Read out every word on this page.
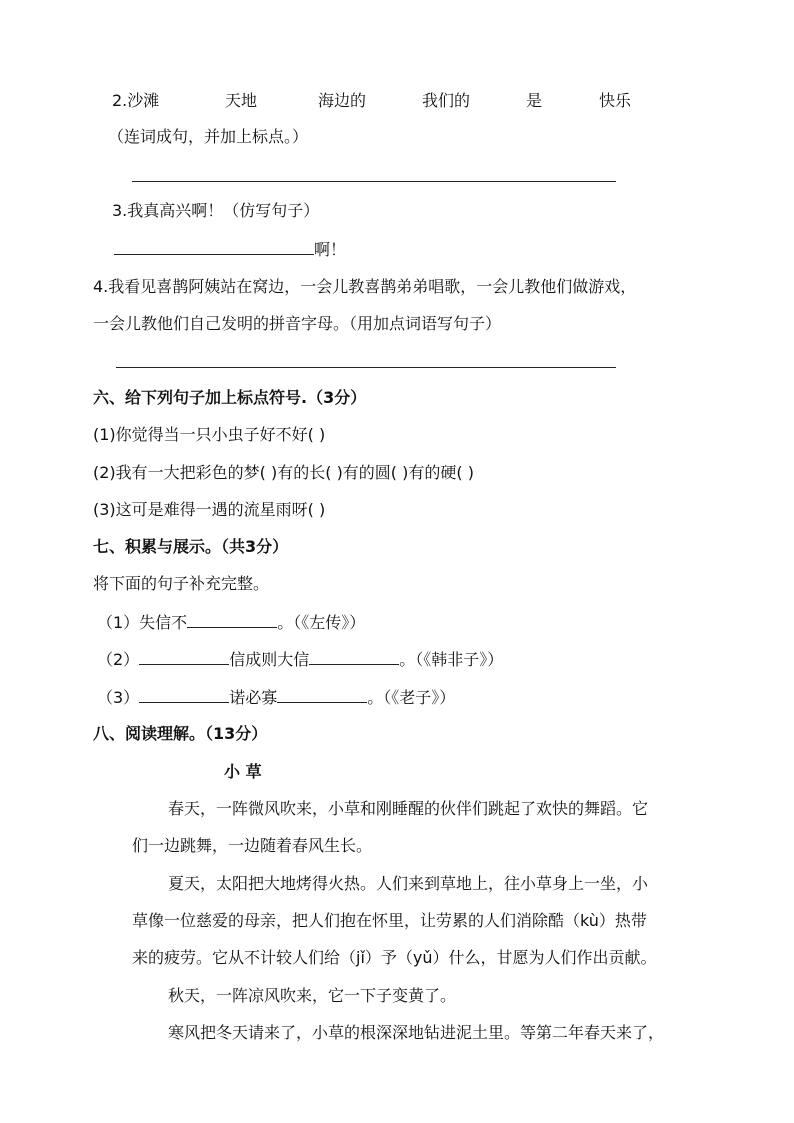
2.沙滩	天地	海边的	我们的	是	快乐
（连词成句，并加上标点。）
3.我真高兴啊！（仿写句子）
啊！
4.我看见喜鹊阿姨站在窝边，一会儿教喜鹊弟弟唱歌，一会儿教他们做游戏，
一会儿教他们自己发明的拼音字母。（用加点词语写句子）
六、给下列句子加上标点符号.（3分）
(1)你觉得当一只小虫子好不好( )
(2)我有一大把彩色的梦( )有的长( )有的圆( )有的硬( )
(3)这可是难得一遇的流星雨呀( )
七、积累与展示。（共3分）
将下面的句子补充完整。
（1）失信不	。（《左传》）
（2）	信成则大信	。（《韩非子》）
（3）	诺必寡	。（《老子》）
八、阅读理解。（13分）
小 草
春天，一阵微风吹来，小草和刚睡醒的伙伴们跳起了欢快的舞蹈。它
们一边跳舞，一边随着春风生长。
夏天，太阳把大地烤得火热。人们来到草地上，往小草身上一坐，小
草像一位慈爱的母亲，把人们抱在怀里，让劳累的人们消除酷（kù）热带
来的疲劳。它从不计较人们给（jǐ）予（yǔ）什么，甘愿为人们作出贡献。
秋天，一阵凉风吹来，它一下子变黄了。
寒风把冬天请来了，小草的根深深地钻进泥土里。等第二年春天来了，
